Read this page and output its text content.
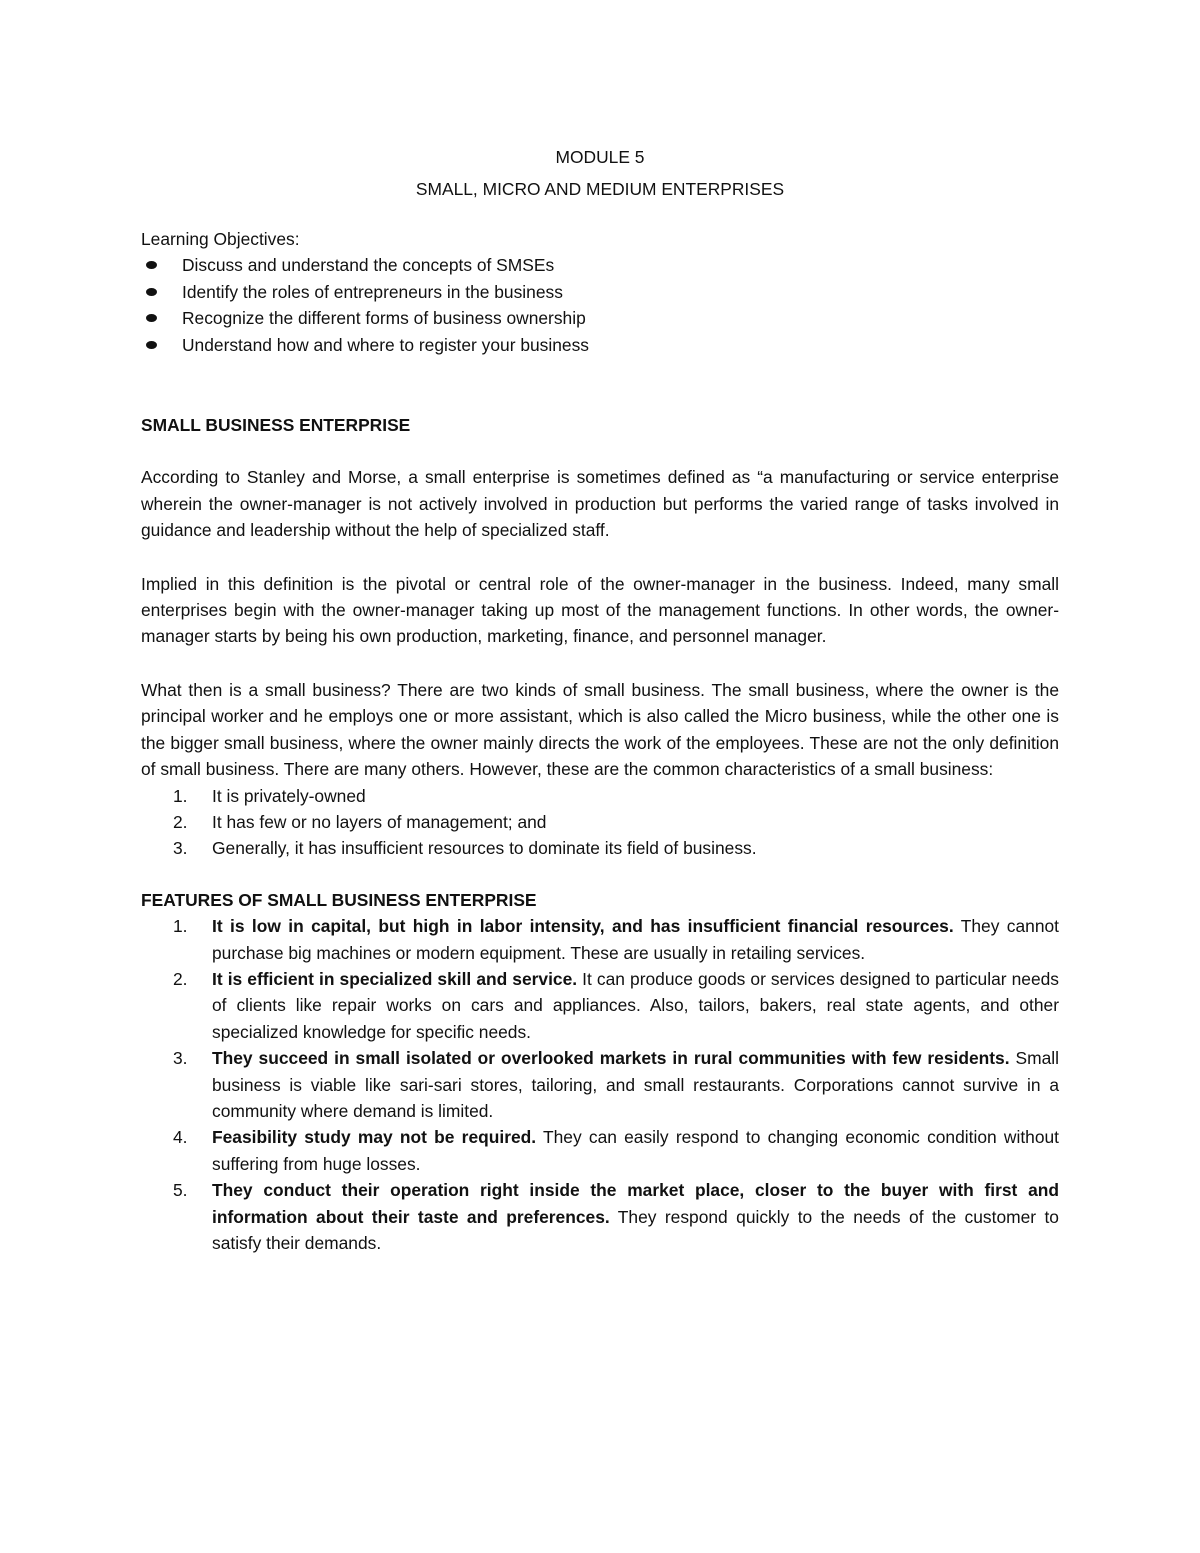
MODULE 5
SMALL, MICRO AND MEDIUM ENTERPRISES
Learning Objectives:
Discuss and understand the concepts of SMSEs
Identify the roles of entrepreneurs in the business
Recognize the different forms of business ownership
Understand how and where to register your business
SMALL BUSINESS ENTERPRISE

According to Stanley and Morse, a small enterprise is sometimes defined as “a manufacturing or service enterprise wherein the owner-manager is not actively involved in production but performs the varied range of tasks involved in guidance and leadership without the help of specialized staff.

Implied in this definition is the pivotal or central role of the owner-manager in the business. Indeed, many small enterprises begin with the owner-manager taking up most of the management functions. In other words, the owner-manager starts by being his own production, marketing, finance, and personnel manager.

What then is a small business? There are two kinds of small business. The small business, where the owner is the principal worker and he employs one or more assistant, which is also called the Micro business, while the other one is the bigger small business, where the owner mainly directs the work of the employees. These are not the only definition of small business. There are many others. However, these are the common characteristics of a small business:

1. It is privately-owned
2. It has few or no layers of management; and
3. Generally, it has insufficient resources to dominate its field of business.
FEATURES OF SMALL BUSINESS ENTERPRISE
1. It is low in capital, but high in labor intensity, and has insufficient financial resources. They cannot purchase big machines or modern equipment. These are usually in retailing services.
2. It is efficient in specialized skill and service. It can produce goods or services designed to particular needs of clients like repair works on cars and appliances. Also, tailors, bakers, real state agents, and other specialized knowledge for specific needs.
3. They succeed in small isolated or overlooked markets in rural communities with few residents. Small business is viable like sari-sari stores, tailoring, and small restaurants. Corporations cannot survive in a community where demand is limited.
4. Feasibility study may not be required. They can easily respond to changing economic condition without suffering from huge losses.
5. They conduct their operation right inside the market place, closer to the buyer with first and information about their taste and preferences. They respond quickly to the needs of the customer to satisfy their demands.
